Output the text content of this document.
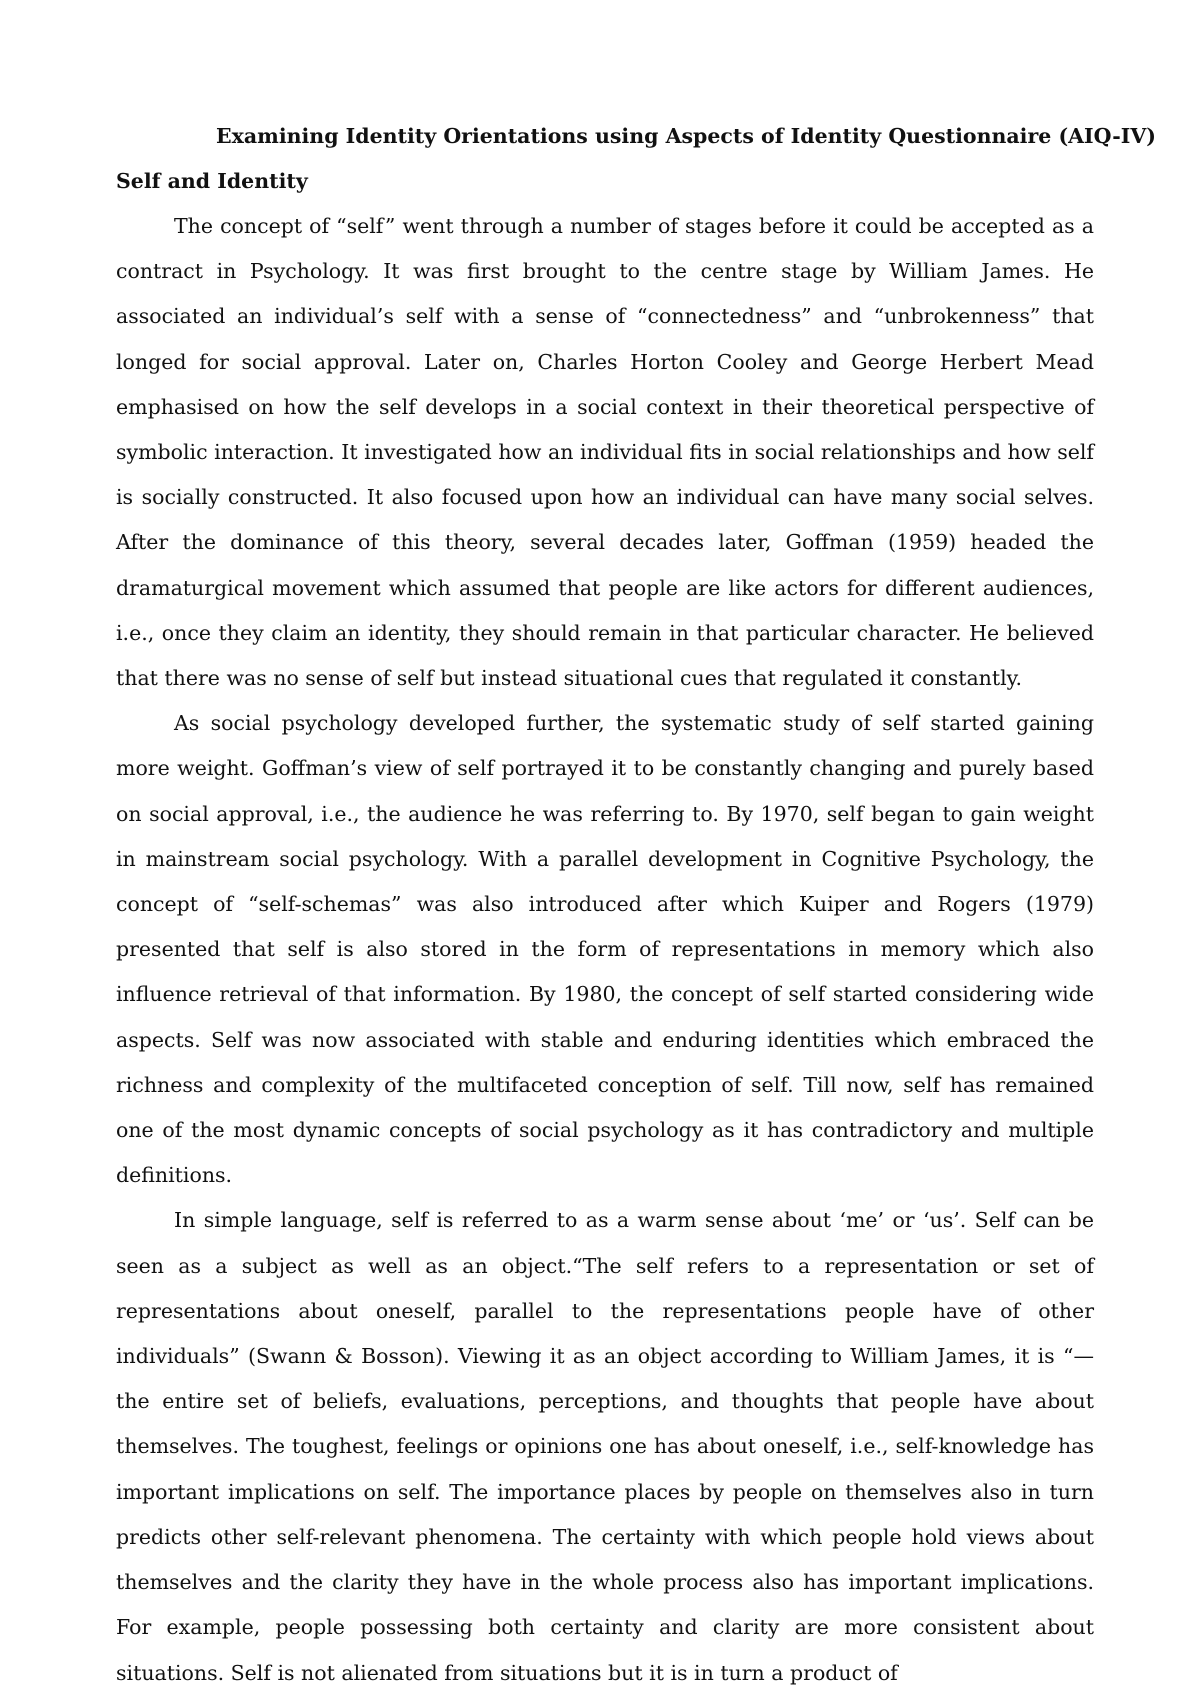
Examining Identity Orientations using Aspects of Identity Questionnaire (AIQ-IV)
Self and Identity

The concept of “self” went through a number of stages before it could be accepted as a contract in Psychology. It was first brought to the centre stage by William James. He associated an individual’s self with a sense of “connectedness” and “unbrokenness” that longed for social approval. Later on, Charles Horton Cooley and George Herbert Mead emphasised on how the self develops in a social context in their theoretical perspective of symbolic interaction. It investigated how an individual fits in social relationships and how self is socially constructed. It also focused upon how an individual can have many social selves. After the dominance of this theory, several decades later, Goffman (1959) headed the dramaturgical movement which assumed that people are like actors for different audiences, i.e., once they claim an identity, they should remain in that particular character. He believed that there was no sense of self but instead situational cues that regulated it constantly.

As social psychology developed further, the systematic study of self started gaining more weight. Goffman’s view of self portrayed it to be constantly changing and purely based on social approval, i.e., the audience he was referring to. By 1970, self began to gain weight in mainstream social psychology. With a parallel development in Cognitive Psychology, the concept of “self-schemas” was also introduced after which Kuiper and Rogers (1979) presented that self is also stored in the form of representations in memory which also influence retrieval of that information. By 1980, the concept of self started considering wide aspects. Self was now associated with stable and enduring identities which embraced the richness and complexity of the multifaceted conception of self. Till now, self has remained one of the most dynamic concepts of social psychology as it has contradictory and multiple definitions.

In simple language, self is referred to as a warm sense about ‘me’ or ‘us’. Self can be seen as a subject as well as an object.“The self refers to a representation or set of representations about oneself, parallel to the representations people have of other individuals” (Swann & Bosson). Viewing it as an object according to William James, it is “— the entire set of beliefs, evaluations, perceptions, and thoughts that people have about themselves. The toughest, feelings or opinions one has about oneself, i.e., self-knowledge has important implications on self. The importance places by people on themselves also in turn predicts other self-relevant phenomena. The certainty with which people hold views about themselves and the clarity they have in the whole process also has important implications. For example, people possessing both certainty and clarity are more consistent about situations. Self is not alienated from situations but it is in turn a product of
